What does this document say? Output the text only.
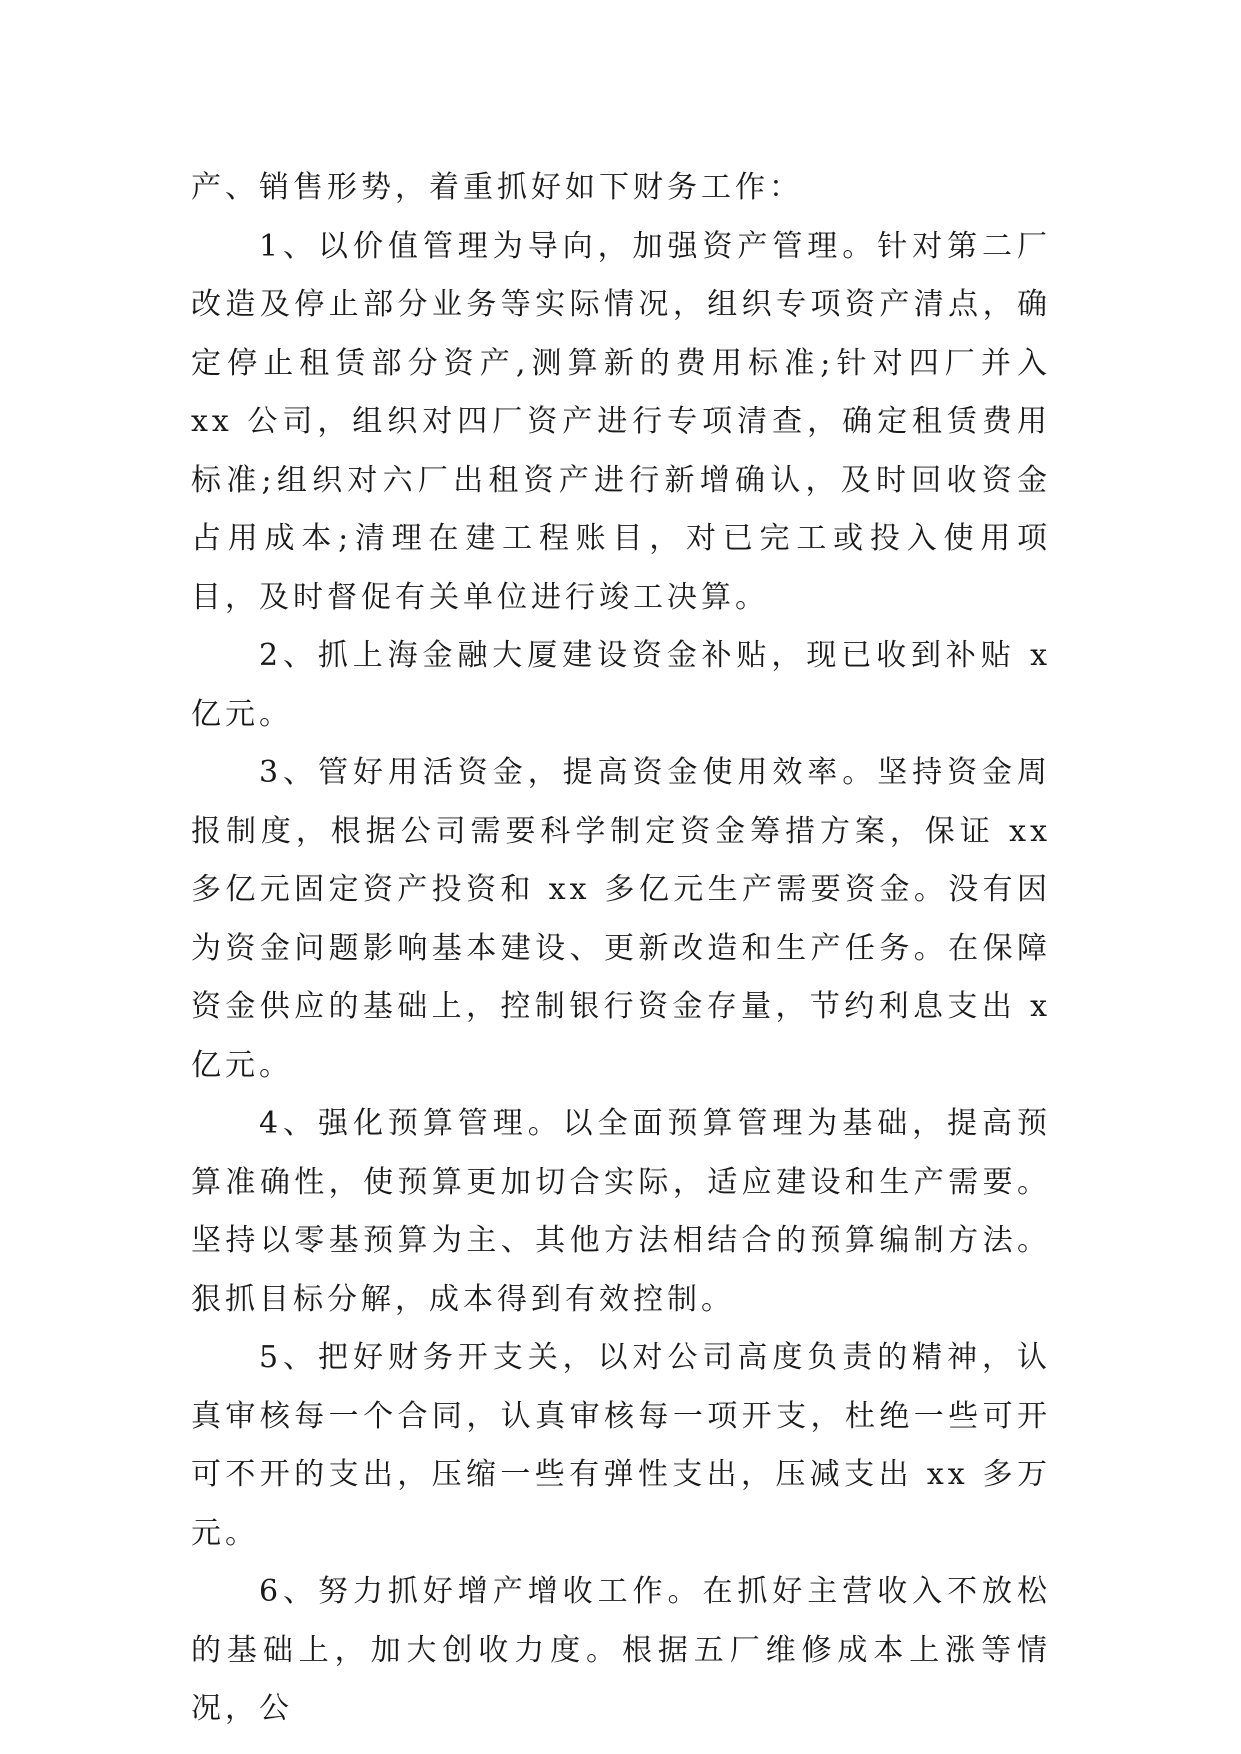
产、销售形势，着重抓好如下财务工作：

1、以价值管理为导向，加强资产管理。针对第二厂改造及停止部分业务等实际情况，组织专项资产清点，确定停止租赁部分资产,测算新的费用标准;针对四厂并入 xx 公司，组织对四厂资产进行专项清查，确定租赁费用标准;组织对六厂出租资产进行新增确认，及时回收资金占用成本;清理在建工程账目，对已完工或投入使用项目，及时督促有关单位进行竣工决算。

2、抓上海金融大厦建设资金补贴，现已收到补贴 x 亿元。

3、管好用活资金，提高资金使用效率。坚持资金周报制度，根据公司需要科学制定资金筹措方案，保证 xx 多亿元固定资产投资和 xx 多亿元生产需要资金。没有因为资金问题影响基本建设、更新改造和生产任务。在保障资金供应的基础上，控制银行资金存量，节约利息支出 x 亿元。

4、强化预算管理。以全面预算管理为基础，提高预算准确性，使预算更加切合实际，适应建设和生产需要。坚持以零基预算为主、其他方法相结合的预算编制方法。狠抓目标分解，成本得到有效控制。

5、把好财务开支关，以对公司高度负责的精神，认真审核每一个合同，认真审核每一项开支，杜绝一些可开可不开的支出，压缩一些有弹性支出，压减支出 xx 多万元。

6、努力抓好增产增收工作。在抓好主营收入不放松的基础上，加大创收力度。根据五厂维修成本上涨等情况，公
